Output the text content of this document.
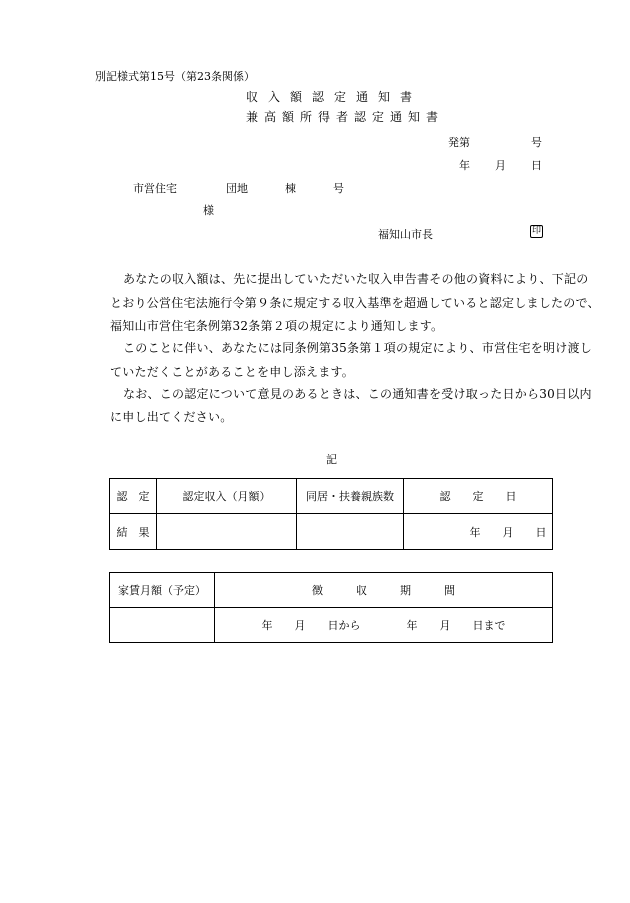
別記様式第15号（第23条関係）
収入額認定通知書
兼高額所得者認定通知書
発第	号
年 月 日
市営住宅	団地	棟	号
様
福知山市長	印
あなたの収入額は、先に提出していただいた収入申告書その他の資料により、下記の
とおり公営住宅法施行令第９条に規定する収入基準を超過していると認定しましたので、
福知山市営住宅条例第32条第２項の規定により通知します。
このことに伴い、あなたには同条例第35条第１項の規定により、市営住宅を明け渡し
ていただくことがあることを申し添えます。
なお、この認定について意見のあるときは、この通知書を受け取った日から30日以内
に申し出てください。
記
認　定	認定収入（月額）	同居・扶養親族数	認　　定　　日
結　果			年 月 日
家賃月額（予定）	徴　　　収　　　期　　　間
	年 月 日から 年 月 日まで
